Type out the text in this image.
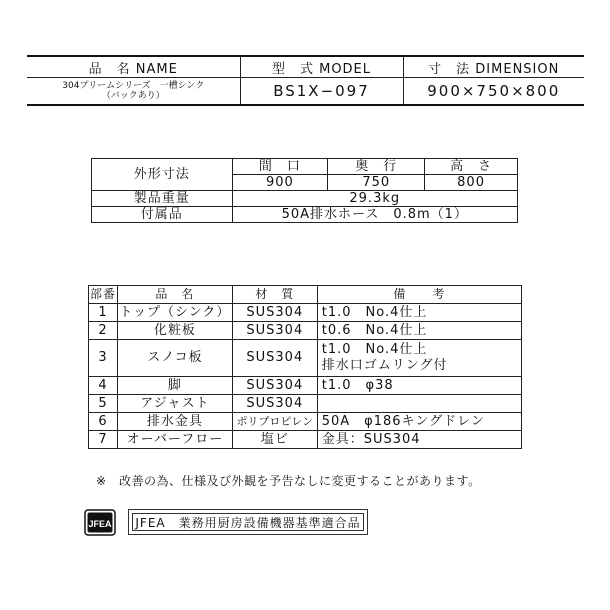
品　名 NAME	型　式 MODEL	寸　法 DIMENSION

304プリームシリーズ　一槽シンク
（バックあり）	BS1X−097	900×750×800
外形寸法	間　口	奥　行	高　さ
	900	750	800
製品重量	29.3kg		
付属品	50A排水ホース　0.8m（1）		
部番	品　名	材　質	備　　考
1	トップ（シンク）	SUS304	t1.0　No.4仕上
2	化粧板	SUS304	t0.6　No.4仕上
3	スノコ板	SUS304	t1.0　No.4仕上
排水口ゴムリング付

4	脚	SUS304	t1.0　φ38
5	アジャスト	SUS304	
6	排水金具	ポリプロピレン	50A　φ186キングドレン
7	オーバーフロー	塩ビ	金具：SUS304
※　改善の為、仕様及び外観を予告なしに変更することがあります。
JFEA JFEA　業務用厨房設備機器基準適合品
